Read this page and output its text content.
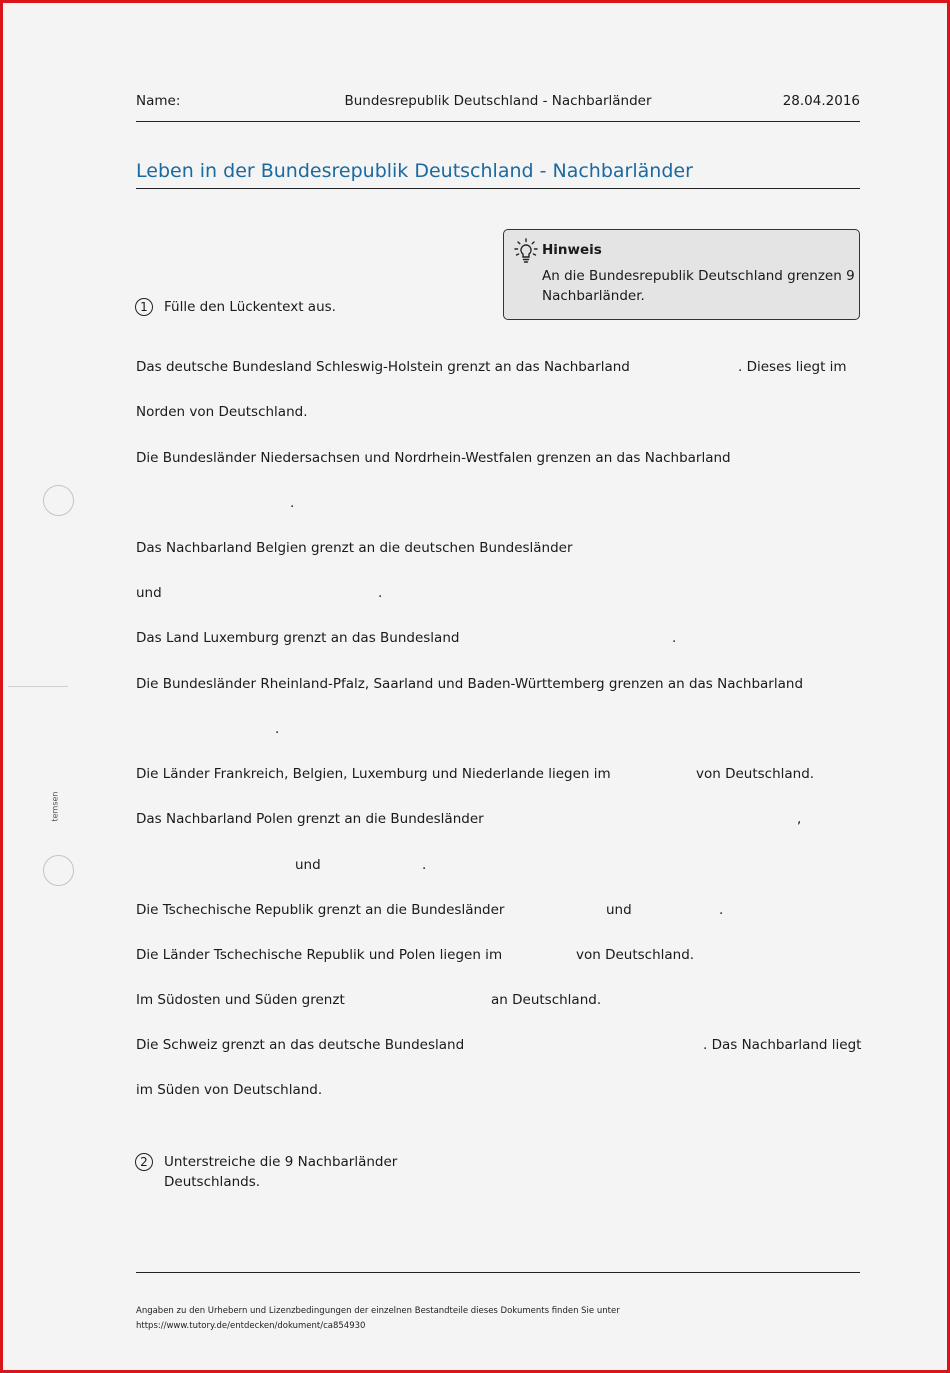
Name:	Bundesrepublik Deutschland - Nachbarländer	28.04.2016
Leben in der Bundesrepublik Deutschland - Nachbarländer
Hinweis
An die Bundesrepublik Deutschland grenzen 9 Nachbarländer.
1	Fülle den Lückentext aus.
Das deutsche Bundesland Schleswig-Holstein grenzt an das Nachbarland	. Dieses liegt im
Norden von Deutschland.
Die Bundesländer Niedersachsen und Nordrhein-Westfalen grenzen an das Nachbarland
.
Das Nachbarland Belgien grenzt an die deutschen Bundesländer
und	.
Das Land Luxemburg grenzt an das Bundesland	.
Die Bundesländer Rheinland-Pfalz, Saarland und Baden-Württemberg grenzen an das Nachbarland
.
Die Länder Frankreich, Belgien, Luxemburg und Niederlande liegen im	von Deutschland.
Das Nachbarland Polen grenzt an die Bundesländer	,
und	.
Die Tschechische Republik grenzt an die Bundesländer	und	.
Die Länder Tschechische Republik und Polen liegen im	von Deutschland.
Im Südosten und Süden grenzt	an Deutschland.
Die Schweiz grenzt an das deutsche Bundesland	. Das Nachbarland liegt
im Süden von Deutschland.
2	Unterstreiche die 9 Nachbarländer Deutschlands.
temsen
Angaben zu den Urhebern und Lizenzbedingungen der einzelnen Bestandteile dieses Dokuments finden Sie unter
https://www.tutory.de/entdecken/dokument/ca854930
